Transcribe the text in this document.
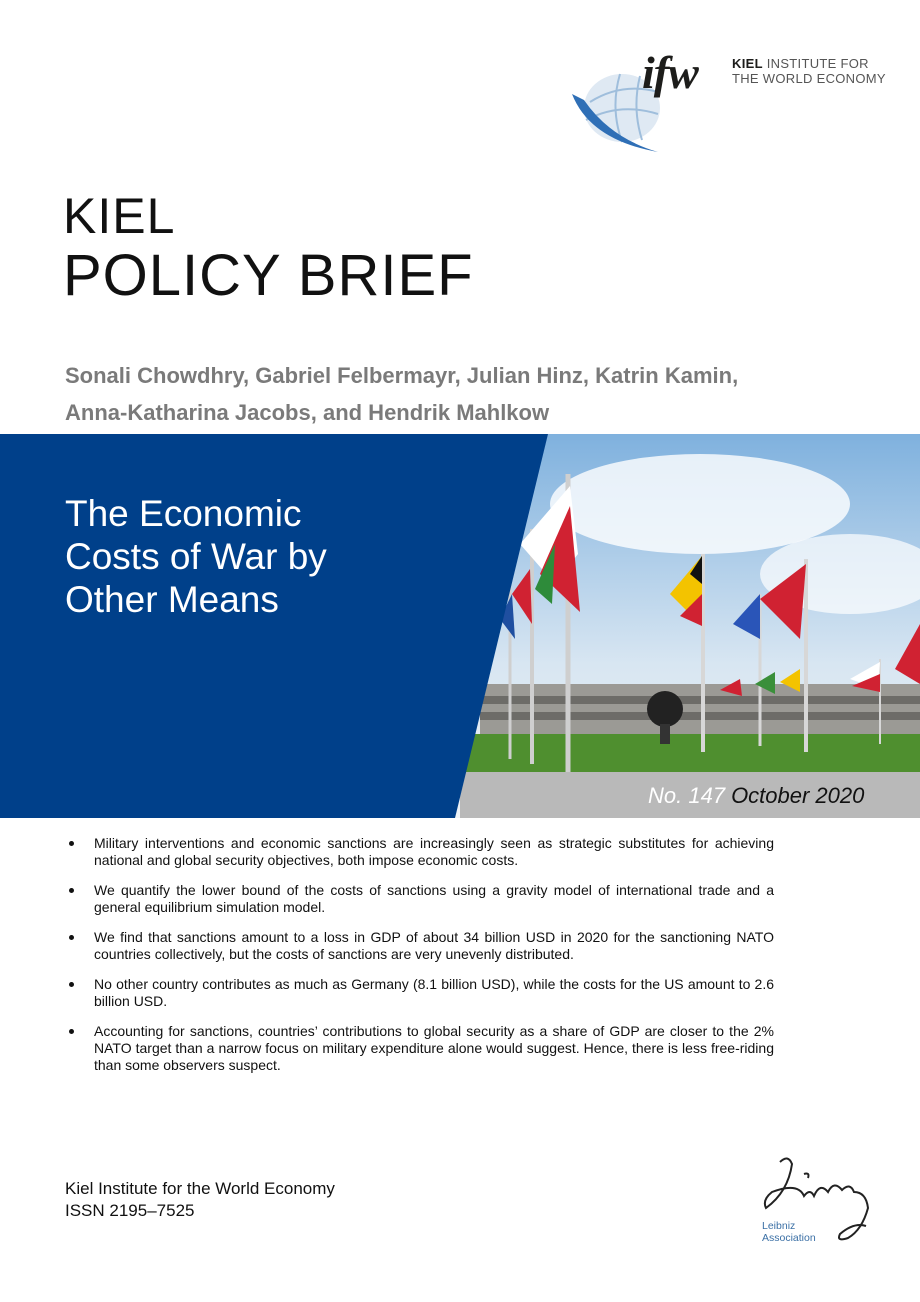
ifw	KIEL INSTITUTE FOR
THE WORLD ECONOMY
KIEL
POLICY BRIEF
Sonali Chowdhry, Gabriel Felbermayr, Julian Hinz, Katrin Kamin,
Anna-Katharina Jacobs, and Hendrik Mahlkow
The Economic
Costs of War by
Other Means
No. 147 October 2020
Military interventions and economic sanctions are increasingly seen as strategic substitutes for achieving national and global security objectives, both impose economic costs.
We quantify the lower bound of the costs of sanctions using a gravity model of international trade and a general equilibrium simulation model.
We find that sanctions amount to a loss in GDP of about 34 billion USD in 2020 for the sanctioning NATO countries collectively, but the costs of sanctions are very unevenly distributed.
No other country contributes as much as Germany (8.1 billion USD), while the costs for the US amount to 2.6 billion USD.
Accounting for sanctions, countries’ contributions to global security as a share of GDP are closer to the 2% NATO target than a narrow focus on military expenditure alone would suggest. Hence, there is less free-riding than some observers suspect.
Kiel Institute for the World Economy
ISSN 2195–7525
Leibniz
Association
